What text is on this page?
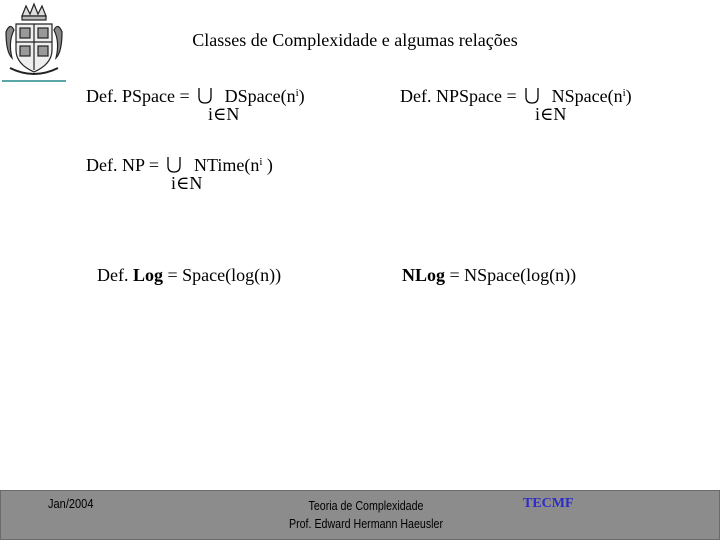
Classes de Complexidade e algumas relações
Def. PSpace =  $DSpace(n^i)$
i∈N
Def. NPSpace =  $NSpace(n^i)$
i∈N
Def. NP =  $NTime(n^i$ )
i∈N
Def. Log = Space(log(n))	NLog = NSpace(log(n))
Jan/2004	Teoria de Complexidade
Prof. Edward Hermann Haeusler
TECMF
